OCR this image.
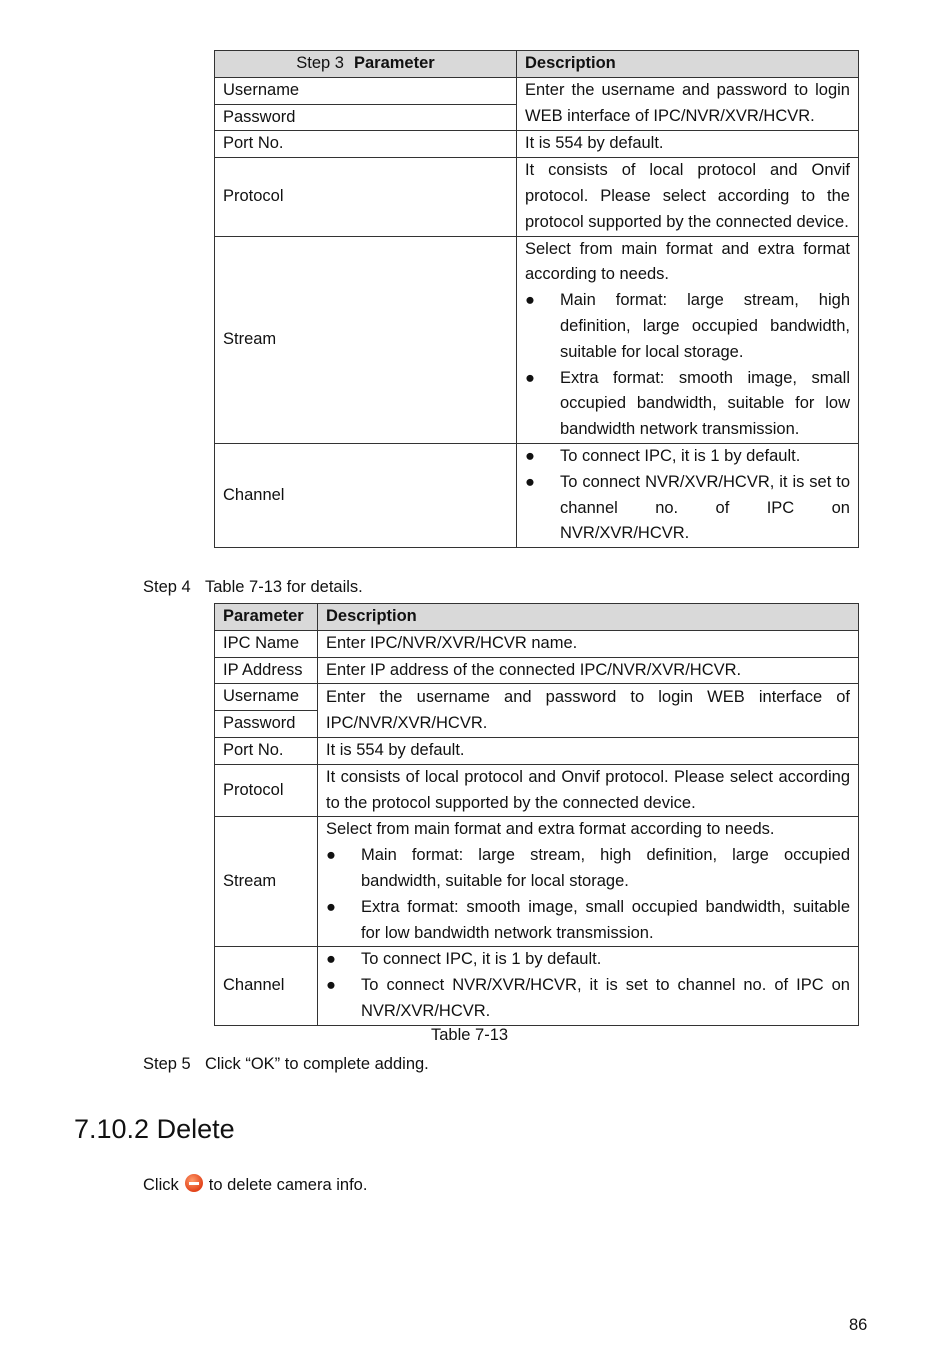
Step 3 Parameter	Description
Username	Enter the username and password to login WEB interface of IPC/NVR/XVR/HCVR.
Password	
Port No.	It is 554 by default.
Protocol	It consists of local protocol and Onvif protocol. Please select according to the protocol supported by the connected device.
Stream	Select from main format and extra format according to needs.
● Main format: large stream, high definition, large occupied bandwidth, suitable for local storage.
● Extra format: smooth image, small occupied bandwidth, suitable for low bandwidth network transmission.

Channel	● To connect IPC, it is 1 by default.
● To connect NVR/XVR/HCVR, it is set to channel no. of IPC on NVR/XVR/HCVR.
Step 4 Table 7-13 for details.
Parameter	Description
IPC Name	Enter IPC/NVR/XVR/HCVR name.
IP Address	Enter IP address of the connected IPC/NVR/XVR/HCVR.
Username	Enter the username and password to login WEB interface of IPC/NVR/XVR/HCVR.
Password	
Port No.	It is 554 by default.
Protocol	It consists of local protocol and Onvif protocol. Please select according to the protocol supported by the connected device.
Stream	Select from main format and extra format according to needs.
● Main format: large stream, high definition, large occupied bandwidth, suitable for local storage.
● Extra format: smooth image, small occupied bandwidth, suitable for low bandwidth network transmission.

Channel	● To connect IPC, it is 1 by default.
● To connect NVR/XVR/HCVR, it is set to channel no. of IPC on NVR/XVR/HCVR.
Table 7-13
Step 5 Click “OK” to complete adding.
7.10.2 Delete
Click to delete camera info.
86
